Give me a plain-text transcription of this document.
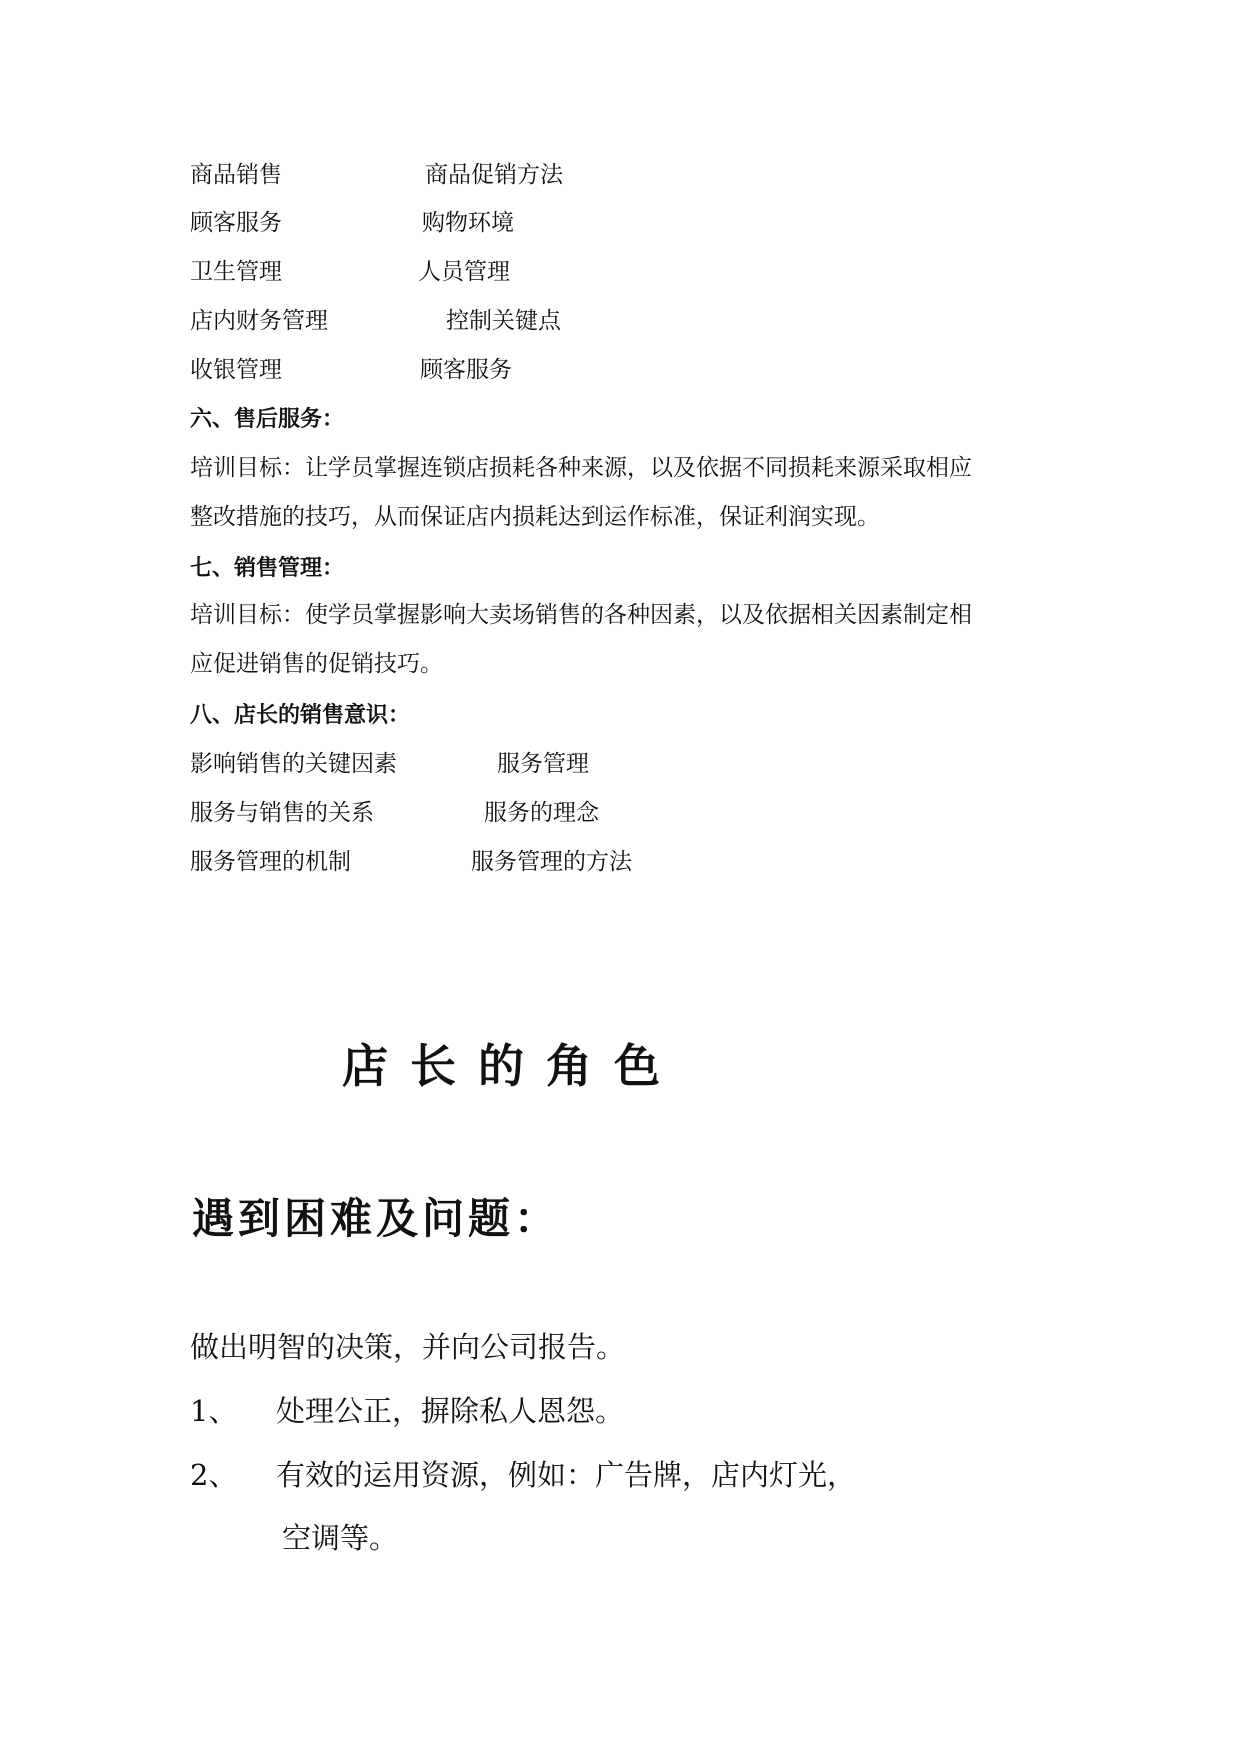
商品销售	商品促销方法
顾客服务	购物环境
卫生管理	人员管理
店内财务管理	控制关键点
收银管理	顾客服务
六、售后服务：
培训目标：让学员掌握连锁店损耗各种来源，以及依据不同损耗来源采取相应
整改措施的技巧，从而保证店内损耗达到运作标准，保证利润实现。
七、销售管理：
培训目标：使学员掌握影响大卖场销售的各种因素，以及依据相关因素制定相
应促进销售的促销技巧。
八、店长的销售意识：
影响销售的关键因素	服务管理
服务与销售的关系	服务的理念
服务管理的机制	服务管理的方法
店长的角色
遇到困难及问题：
做出明智的决策，并向公司报告。
1、 处理公正，摒除私人恩怨。
2、 有效的运用资源，例如：广告牌，店内灯光，
空调等。
